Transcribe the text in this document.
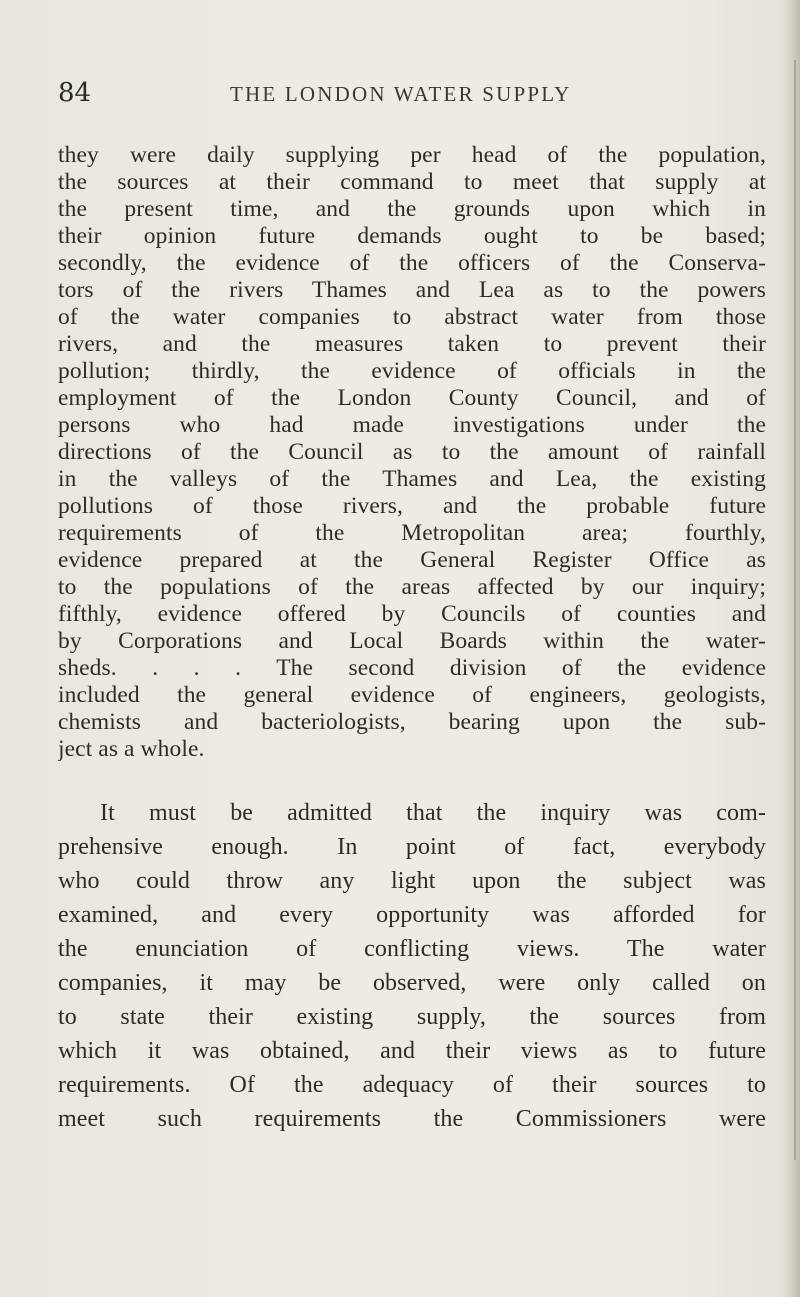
84	THE LONDON WATER SUPPLY
they were daily supplying per head of the population,
the sources at their command to meet that supply at
the present time, and the grounds upon which in
their opinion future demands ought to be based;
secondly, the evidence of the officers of the Conserva-
tors of the rivers Thames and Lea as to the powers
of the water companies to abstract water from those
rivers, and the measures taken to prevent their
pollution; thirdly, the evidence of officials in the
employment of the London County Council, and of
persons who had made investigations under the
directions of the Council as to the amount of rainfall
in the valleys of the Thames and Lea, the existing
pollutions of those rivers, and the probable future
requirements of the Metropolitan area; fourthly,
evidence prepared at the General Register Office as
to the populations of the areas affected by our inquiry;
fifthly, evidence offered by Councils of counties and
by Corporations and Local Boards within the water-
sheds. . . . The second division of the evidence
included the general evidence of engineers, geologists,
chemists and bacteriologists, bearing upon the sub-
ject as a whole.
It must be admitted that the inquiry was com-
prehensive enough. In point of fact, everybody
who could throw any light upon the subject was
examined, and every opportunity was afforded for
the enunciation of conflicting views. The water
companies, it may be observed, were only called on
to state their existing supply, the sources from
which it was obtained, and their views as to future
requirements. Of the adequacy of their sources to
meet such requirements the Commissioners were
